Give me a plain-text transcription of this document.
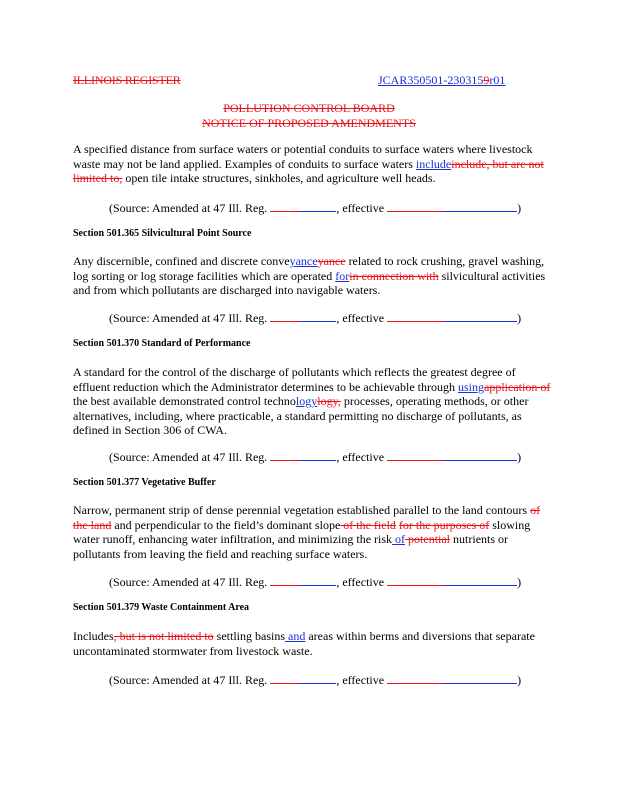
ILLINOIS REGISTER	JCAR350501-2303159r01
POLLUTION CONTROL BOARD
NOTICE OF PROPOSED AMENDMENTS
A specified distance from surface waters or potential conduits to surface waters where livestock waste may not be land applied. Examples of conduits to surface waters includeinclude, but are not limited to, open tile intake structures, sinkholes, and agriculture well heads.
(Source: Amended at 47 Ill. Reg.	, effective	)
Section 501.365 Silvicultural Point Source
Any discernible, confined and discrete conveyanceyance related to rock crushing, gravel washing, log sorting or log storage facilities which are operated forin connection with silvicultural activities and from which pollutants are discharged into navigable waters.
(Source: Amended at 47 Ill. Reg.	, effective	)
Section 501.370 Standard of Performance
A standard for the control of the discharge of pollutants which reflects the greatest degree of effluent reduction which the Administrator determines to be achievable through usingapplication of the best available demonstrated control technologylogy, processes, operating methods, or other alternatives, including, where practicable, a standard permitting no discharge of pollutants, as defined in Section 306 of CWA.
(Source: Amended at 47 Ill. Reg.	, effective	)
Section 501.377 Vegetative Buffer
Narrow, permanent strip of dense perennial vegetation established parallel to the land contours of the land and perpendicular to the field’s dominant slope of the field for the purposes of slowing water runoff, enhancing water infiltration, and minimizing the risk of potential nutrients or pollutants from leaving the field and reaching surface waters.
(Source: Amended at 47 Ill. Reg.	, effective	)
Section 501.379 Waste Containment Area
Includes, but is not limited to settling basins and areas within berms and diversions that separate uncontaminated stormwater from livestock waste.
(Source: Amended at 47 Ill. Reg.	, effective	)
